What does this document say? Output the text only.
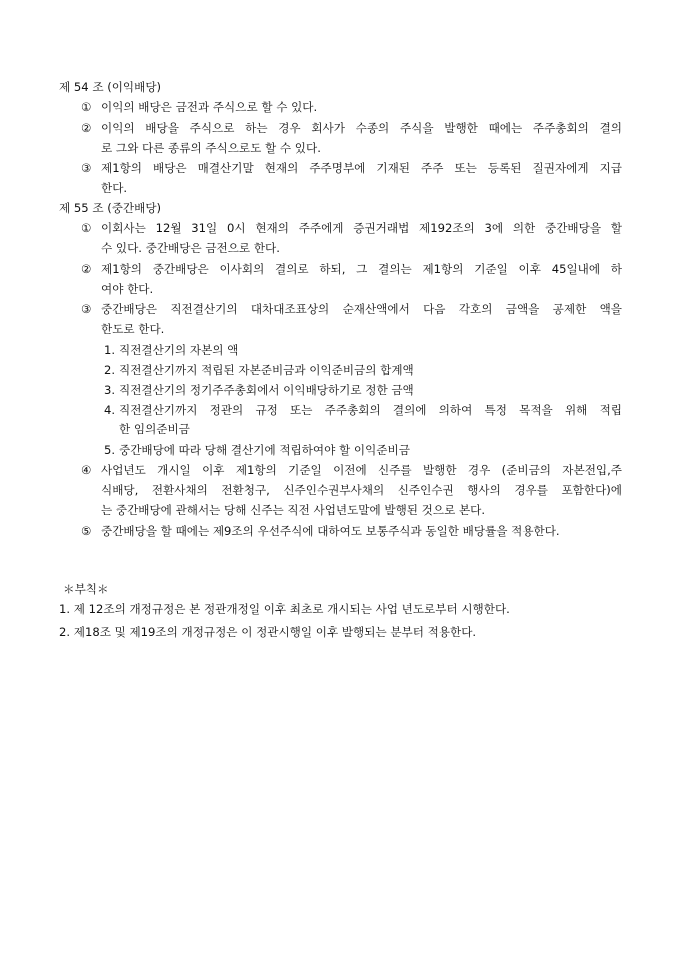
제 54 조 (이익배당)
① 이익의 배당은 금전과 주식으로 할 수 있다.
② 이익의 배당을 주식으로 하는 경우 회사가 수종의 주식을 발행한 때에는 주주총회의 결의
로 그와 다른 종류의 주식으로도 할 수 있다.
③ 제1항의 배당은 매결산기말 현재의 주주명부에 기재된 주주 또는 등록된 질권자에게 지급
한다.
제 55 조 (중간배당)
① 이회사는 12월 31일 0시 현재의 주주에게 증권거래법 제192조의 3에 의한 중간배당을 할
수 있다. 중간배당은 금전으로 한다.
② 제1항의 중간배당은 이사회의 결의로 하되, 그 결의는 제1항의 기준일 이후 45일내에 하
여야 한다.
③ 중간배당은 직전결산기의 대차대조표상의 순재산액에서 다음 각호의 금액을 공제한 액을
한도로 한다.
1. 직전결산기의 자본의 액
2. 직전결산기까지 적립된 자본준비금과 이익준비금의 합계액
3. 직전결산기의 정기주주총회에서 이익배당하기로 정한 금액
4. 직전결산기까지 정관의 규정 또는 주주총회의 결의에 의하여 특정 목적을 위해 적립
한 임의준비금
5. 중간배당에 따라 당해 결산기에 적립하여야 할 이익준비금
④ 사업년도 개시일 이후 제1항의 기준일 이전에 신주를 발행한 경우 (준비금의 자본전입,주
식배당, 전환사채의 전환청구, 신주인수권부사채의 신주인수권 행사의 경우를 포함한다)에
는 중간배당에 관해서는 당해 신주는 직전 사업년도말에 발행된 것으로 본다.
⑤ 중간배당을 할 때에는 제9조의 우선주식에 대하여도 보통주식과 동일한 배당률을 적용한다.
＊부칙＊
1. 제 12조의 개정규정은 본 정관개정일 이후 최초로 개시되는 사업 년도로부터 시행한다.
2. 제18조 및 제19조의 개정규정은 이 정관시행일 이후 발행되는 분부터 적용한다.
